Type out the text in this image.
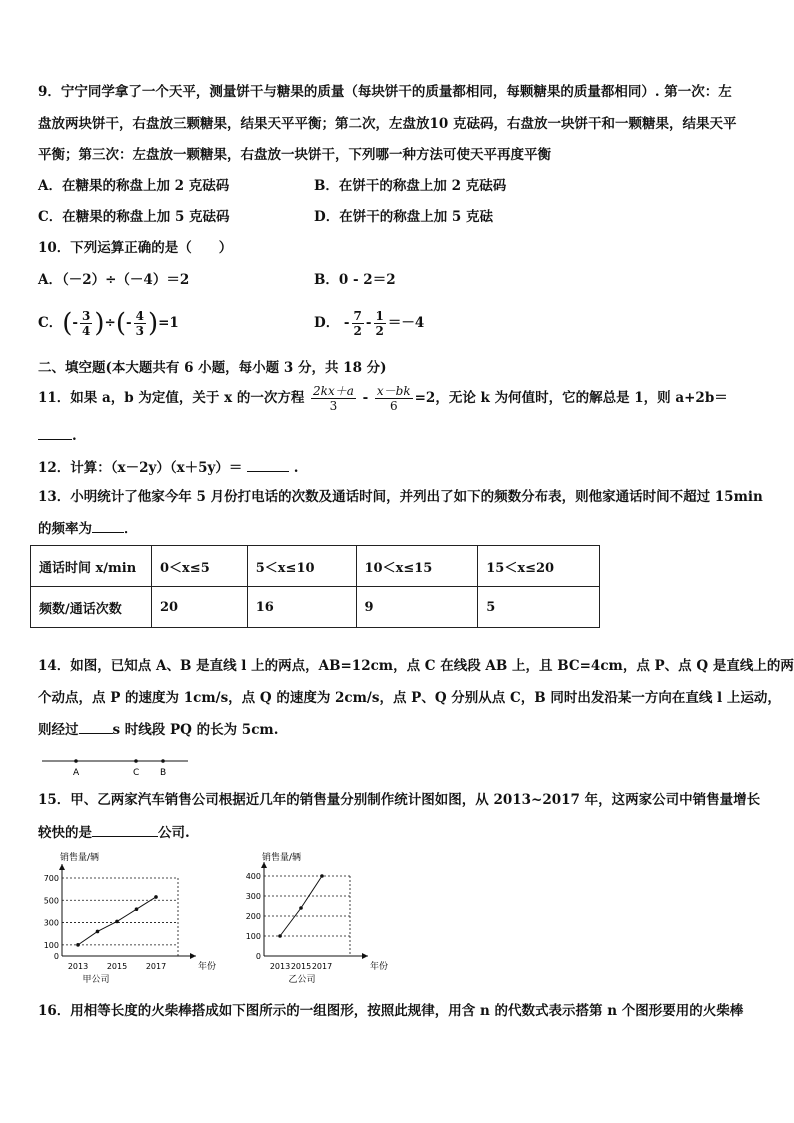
9．宁宁同学拿了一个天平，测量饼干与糖果的质量（每块饼干的质量都相同，每颗糖果的质量都相同）. 第一次：左
盘放两块饼干，右盘放三颗糖果，结果天平平衡；第二次，左盘放10 克砝码，右盘放一块饼干和一颗糖果，结果天平
平衡；第三次：左盘放一颗糖果，右盘放一块饼干，下列哪一种方法可使天平再度平衡
A．在糖果的称盘上加 2 克砝码	B．在饼干的称盘上加 2 克砝码
C．在糖果的称盘上加 5 克砝码	D．在饼干的称盘上加 5 克砝
10．下列运算正确的是（　　）
A．（－2）÷（－4）＝2	B．0 - 2＝2
C．(- $\frac{3}{4}$ )÷(- $\frac{4}{3} )=1$	D． - $\frac{7}{2} - \frac{1}{2} =-4$
二、填空题(本大题共有 6 小题，每小题 3 分，共 18 分)
11．如果 a，b 为定值，关于 x 的一次方程 $\frac{2kx+a}{3} - \frac{x-bk}{6} =2$，无论 k 为何值时，它的解总是 1，则 a+2b＝
.
12．计算：（x－2y）（x＋5y）＝	.
13．小明统计了他家今年 5 月份打电话的次数及通话时间，并列出了如下的频数分布表，则他家通话时间不超过 15min
的频率为 ．
通话时间 x/min	0＜x≤5	5＜x≤10	10＜x≤15	15＜x≤20
频数/通话次数	20	16	9	5
14．如图，已知点 A、B 是直线 l 上的两点，AB=12cm，点 C 在线段 AB 上，且 BC=4cm，点 P、点 Q 是直线上的两
个动点，点 P 的速度为 1cm/s，点 Q 的速度为 2cm/s，点 P、Q 分别从点 C，B 同时出发沿某一方向在直线 l 上运动，
则经过	s 时线段 PQ 的长为 5cm.
A	C B
15．甲、乙两家汽车销售公司根据近几年的销售量分别制作统计图如图，从 2013~2017 年，这两家公司中销售量增长
较快的是	公司.
100
300
500
700
0
2013 2015 2017
销售量/辆
年份
甲公司
100
200
300
400
0
2013 2015 2017
销售量/辆
年份
乙公司
16．用相等长度的火柴棒搭成如下图所示的一组图形，按照此规律，用含 n 的代数式表示搭第 n 个图形要用的火柴棒
